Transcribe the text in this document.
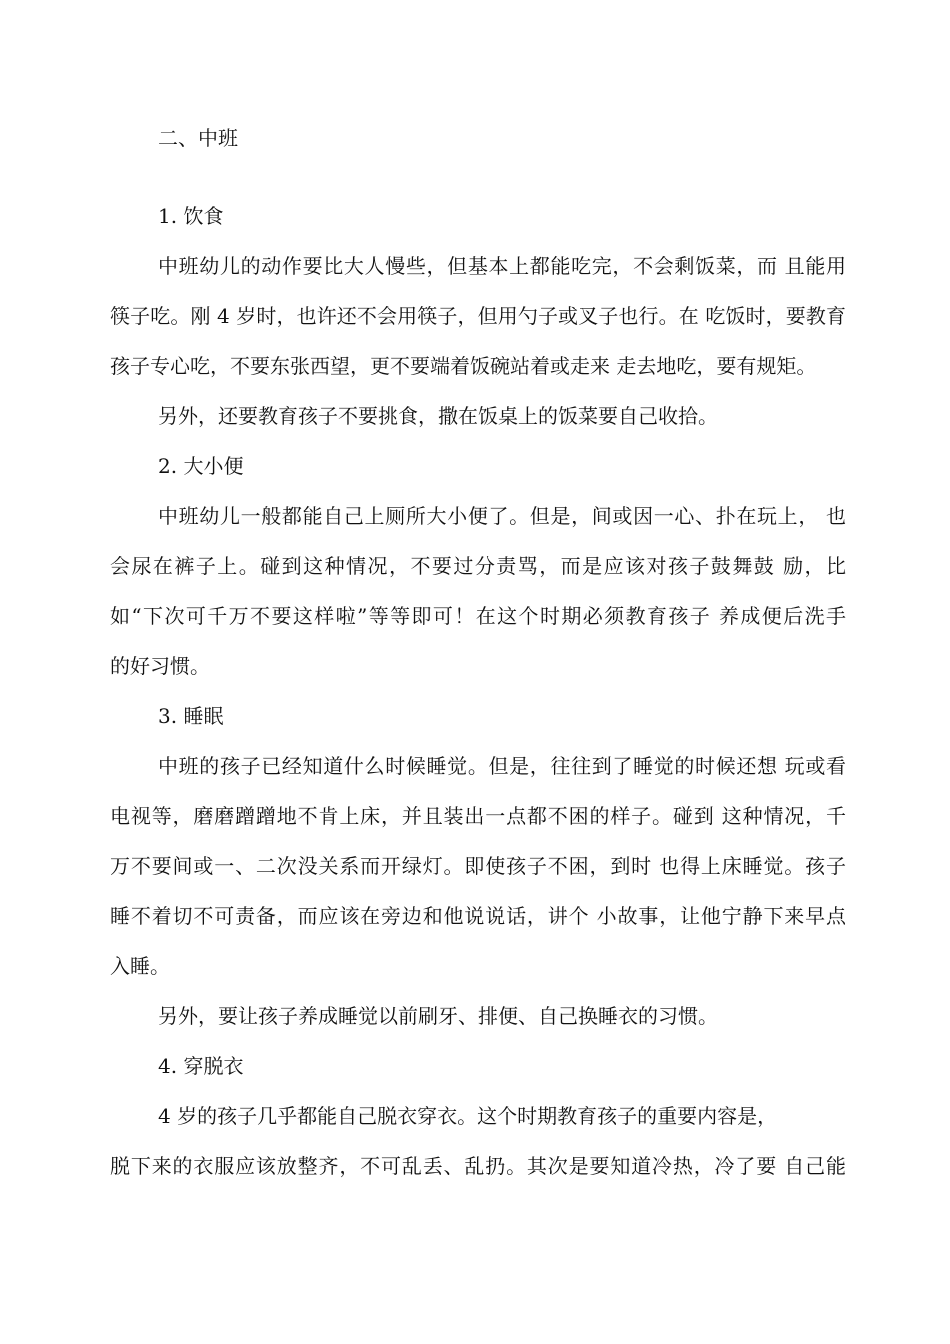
二、中班
1. 饮食
中班幼儿的动作要比大人慢些，但基本上都能吃完，不会剩饭菜，而 且能用
筷子吃。刚 4 岁时，也许还不会用筷子，但用勺子或叉子也行。在 吃饭时，要教育
孩子专心吃，不要东张西望，更不要端着饭碗站着或走来 走去地吃，要有规矩。
另外，还要教育孩子不要挑食，撒在饭桌上的饭菜要自己收拾。
2. 大小便
中班幼儿一般都能自己上厕所大小便了。但是，间或因一心、扑在玩上， 也
会尿在裤子上。碰到这种情况，不要过分责骂，而是应该对孩子鼓舞鼓 励，比
如“下次可千万不要这样啦”等等即可！在这个时期必须教育孩子 养成便后洗手
的好习惯。
3. 睡眠
中班的孩子已经知道什么时候睡觉。但是，往往到了睡觉的时候还想 玩或看
电视等，磨磨蹭蹭地不肯上床，并且装出一点都不困的样子。碰到 这种情况，千
万不要间或一、二次没关系而开绿灯。即使孩子不困，到时 也得上床睡觉。孩子
睡不着切不可责备，而应该在旁边和他说说话，讲个 小故事，让他宁静下来早点
入睡。
另外，要让孩子养成睡觉以前刷牙、排便、自己换睡衣的习惯。
4. 穿脱衣
4 岁的孩子几乎都能自己脱衣穿衣。这个时期教育孩子的重要内容是，
脱下来的衣服应该放整齐，不可乱丢、乱扔。其次是要知道冷热，冷了要 自己能
